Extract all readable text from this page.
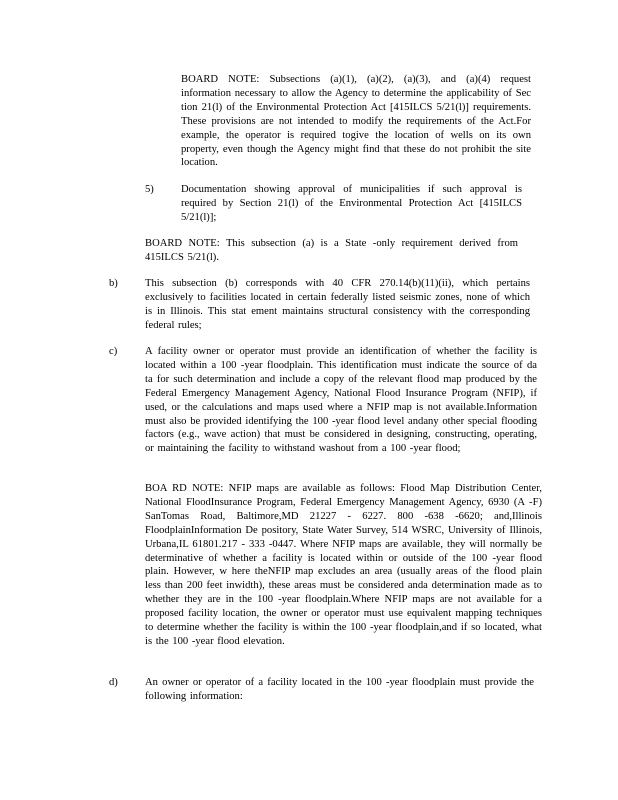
BOARD NOTE: Subsections (a)(1), (a)(2), (a)(3), and (a)(4) request information necessary to allow the Agency to determine the applicability of Sec tion 21(l) of the Environmental Protection Act [415ILCS 5/21(l)] requirements. These provisions are not intended to modify the requirements of the Act.For example, the operator is required togive the location of wells on its own property, even though the Agency might find that these do not prohibit the site location.
5)	Documentation showing approval of municipalities if such approval is required by Section 21(l) of the Environmental Protection Act [415ILCS 5/21(l)];
BOARD NOTE: This subsection (a) is a State -only requirement derived from 415ILCS 5/21(l).
b)	This subsection (b) corresponds with 40 CFR 270.14(b)(11)(ii), which pertains exclusively to facilities located in certain federally listed seismic zones, none of which is in Illinois. This stat ement maintains structural consistency with the corresponding federal rules;
c)	A facility owner or operator must provide an identification of whether the facility is located within a 100 -year floodplain. This identification must indicate the source of da ta for such determination and include a copy of the relevant flood map produced by the Federal Emergency Management Agency, National Flood Insurance Program (NFIP), if used, or the calculations and maps used where a NFIP map is not available.Information must also be provided identifying the 100 -year flood level andany other special flooding factors (e.g., wave action) that must be considered in designing, constructing, operating, or maintaining the facility to withstand washout from a 100 -year flood;
BOA RD NOTE: NFIP maps are available as follows: Flood Map Distribution Center, National FloodInsurance Program, Federal Emergency Management Agency, 6930 (A -F) SanTomas Road, Baltimore,MD 21227 - 6227. 800 -638 -6620; and,Illinois FloodplainInformation De pository, State Water Survey, 514 WSRC, University of Illinois, Urbana,IL 61801.217 - 333 -0447. Where NFIP maps are available, they will normally be determinative of whether a facility is located within or outside of the 100 -year flood plain. However, w here theNFIP map excludes an area (usually areas of the flood plain less than 200 feet inwidth), these areas must be considered anda determination made as to whether they are in the 100 -year floodplain.Where NFIP maps are not available for a proposed facility location, the owner or operator must use equivalent mapping techniques to determine whether the facility is within the 100 -year floodplain,and if so located, what is the 100 -year flood elevation.
d)	An owner or operator of a facility located in the 100 -year floodplain must provide the following information:
